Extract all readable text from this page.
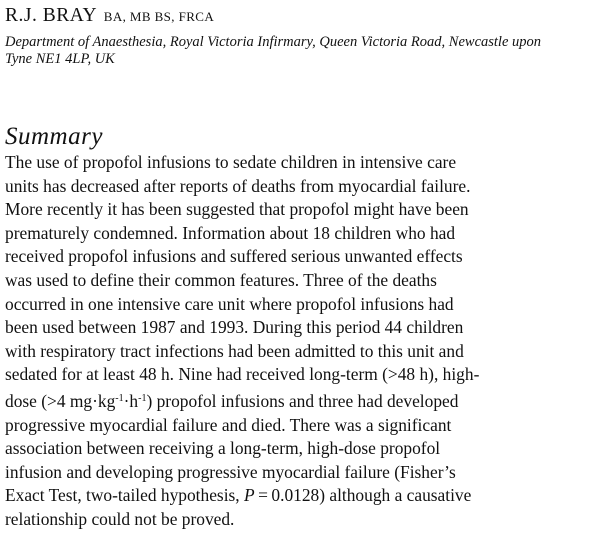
R.J. BRAY BA, MB BS, FRCA
Department of Anaesthesia, Royal Victoria Infirmary, Queen Victoria Road, Newcastle upon
Tyne NE1 4LP, UK
Summary
The use of propofol infusions to sedate children in intensive care
units has decreased after reports of deaths from myocardial failure.
More recently it has been suggested that propofol might have been
prematurely condemned. Information about 18 children who had
received propofol infusions and suffered serious unwanted effects
was used to define their common features. Three of the deaths
occurred in one intensive care unit where propofol infusions had
been used between 1987 and 1993. During this period 44 children
with respiratory tract infections had been admitted to this unit and
sedated for at least 48 h. Nine had received long-term (>48 h), high-
dose (>4 $mg\cdot kg^{-1}\cdot h^{-1}$) propofol infusions and three had developed
progressive myocardial failure and died. There was a significant
association between receiving a long-term, high-dose propofol
infusion and developing progressive myocardial failure (Fisher’s
Exact Test, two-tailed hypothesis, P = 0.0128) although a causative
relationship could not be proved.
